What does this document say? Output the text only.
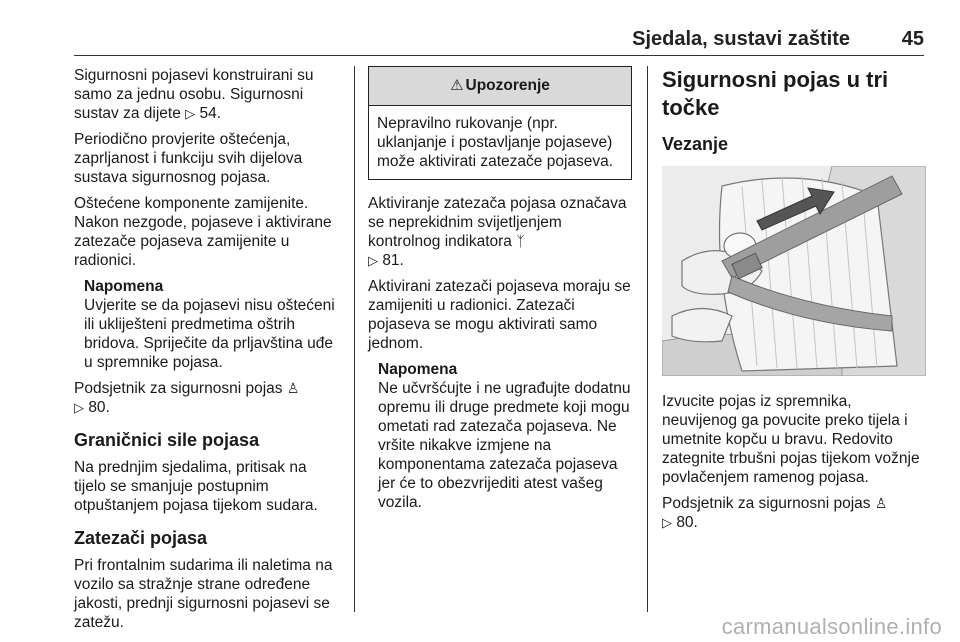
Sjedala, sustavi zaštite	45

Sigurnosni pojasevi konstruirani su samo za jednu osobu. Sigurnosni sustav za dijete ▷ 54.

Periodično provjerite oštećenja, zaprljanost i funkciju svih dijelova sustava sigurnosnog pojasa.

Oštećene komponente zamijenite. Nakon nezgode, pojaseve i aktivirane zatezače pojaseva zamijenite u radionici.

Napomena

Uvjerite se da pojasevi nisu oštećeni ili ukliješteni predmetima oštrih bridova. Spriječite da prljavština uđe u spremnike pojasa.

Podsjetnik za sigurnosni pojas ♙
▷ 80.

Graničnici sile pojasa

Na prednjim sjedalima, pritisak na tijelo se smanjuje postupnim otpuštanjem pojasa tijekom sudara.

Zatezači pojasa

Pri frontalnim sudarima ili naletima na vozilo sa stražnje strane određene jakosti, prednji sigurnosni pojasevi se zatežu.

⚠ Upozorenje

Nepravilno rukovanje (npr. uklanjanje i postavljanje pojaseve) može aktivirati zatezače pojaseva.

Aktiviranje zatezača pojasa označava se neprekidnim svijetljenjem kontrolnog indikatora ᛉ
▷ 81.

Aktivirani zatezači pojaseva moraju se zamijeniti u radionici. Zatezači pojaseva se mogu aktivirati samo jednom.

Napomena

Ne učvršćujte i ne ugrađujte dodatnu opremu ili druge predmete koji mogu ometati rad zatezača pojaseva. Ne vršite nikakve izmjene na komponentama zatezača pojaseva jer će to obezvrijediti atest vašeg vozila.

Sigurnosni pojas u tri točke
Vezanje

Izvucite pojas iz spremnika, neuvijenog ga povucite preko tijela i umetnite kopču u bravu. Redovito zategnite trbušni pojas tijekom vožnje povlačenjem ramenog pojasa.

Podsjetnik za sigurnosni pojas ♙
▷ 80.

carmanualsonline.info
